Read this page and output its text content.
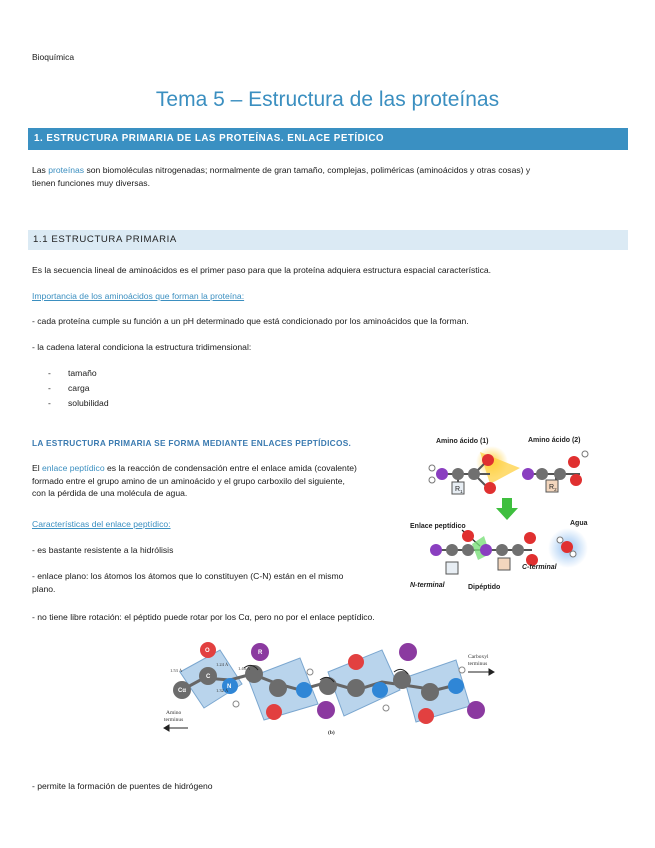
Bioquímica
Tema 5 – Estructura de las proteínas
1. ESTRUCTURA PRIMARIA DE LAS PROTEÍNAS. ENLACE PETÍDICO
Las proteínas son biomoléculas nitrogenadas; normalmente de gran tamaño, complejas, poliméricas (aminoácidos y otras cosas) y
tienen funciones muy diversas.
1.1 ESTRUCTURA PRIMARIA
Es la secuencia lineal de aminoácidos es el primer paso para que la proteína adquiera estructura espacial característica.
Importancia de los aminoácidos que forman la proteína:
- cada proteína cumple su función a un pH determinado que está condicionado por los aminoácidos que la forman.
- la cadena lateral condiciona la estructura tridimensional:
- tamaño
- carga
- solubilidad
LA ESTRUCTURA PRIMARIA SE FORMA MEDIANTE ENLACES PEPTÍDICOS.
El enlace peptídico es la reacción de condensación entre el enlace amida (covalente)
formado entre el grupo amino de un aminoácido y el grupo carboxilo del siguiente,
con la pérdida de una molécula de agua.
Características del enlace peptídico:
- es bastante resistente a la hidrólisis
- enlace plano: los átomos los átomos que lo constituyen (C-N) están en el mismo
plano.
- no tiene libre rotación: el péptido puede rotar por los Cα, pero no por el enlace peptídico.
- permite la formación de puentes de hidrógeno
Amino ácido (1)	Amino ácido (2)
$R_1$
$R_2$
Enlace peptídico	Agua
N-terminal	Dipéptido
C-terminal
O
C
N
R
Cα
1.53 Å
1.24 Å
1.32 Å
1.46 Å
Amino
terminus
Carboxyl
terminus
(b)
